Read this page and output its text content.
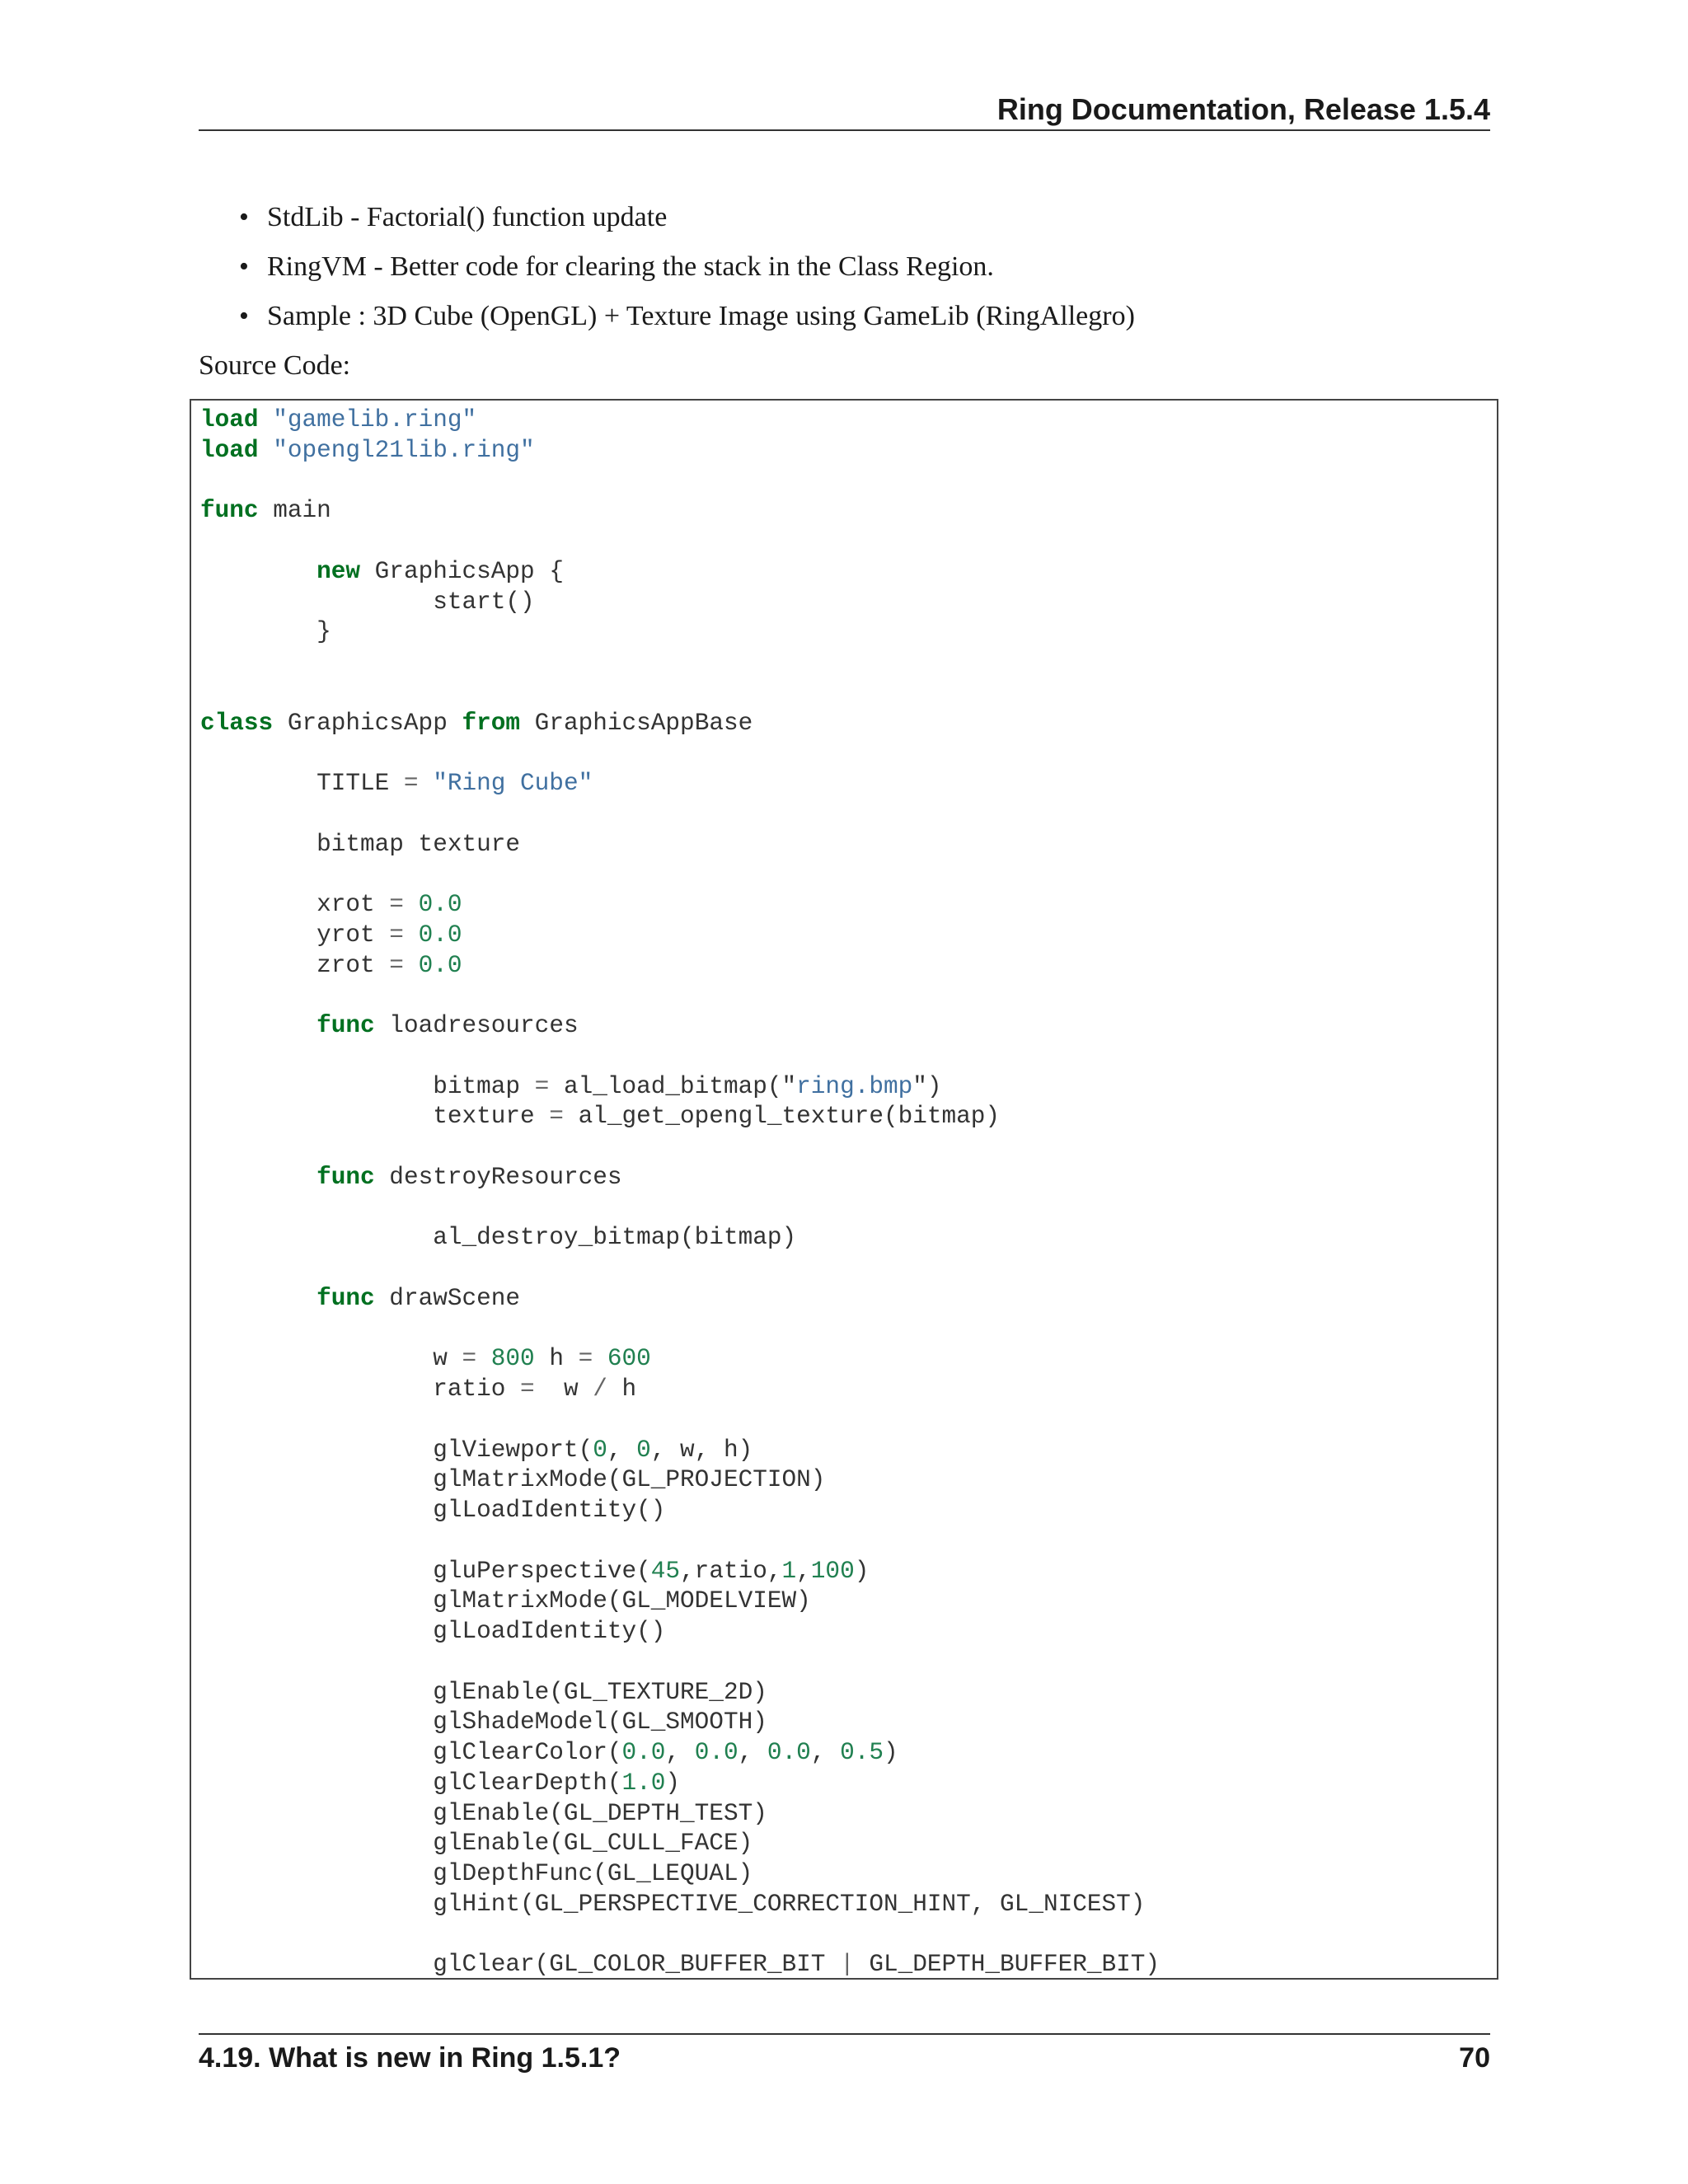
Ring Documentation, Release 1.5.4
• StdLib - Factorial() function update
• RingVM - Better code for clearing the stack in the Class Region.
• Sample : 3D Cube (OpenGL) + Texture Image using GameLib (RingAllegro)
Source Code:
load "gamelib.ring"
load "opengl21lib.ring"
func main
new GraphicsApp {
start()
}
class GraphicsApp from GraphicsAppBase
TITLE = "Ring Cube"
bitmap texture
xrot = 0.0
yrot = 0.0
zrot = 0.0
func loadresources
bitmap = al_load_bitmap("ring.bmp")
texture = al_get_opengl_texture(bitmap)
func destroyResources
al_destroy_bitmap(bitmap)
func drawScene
w = 800 h = 600
ratio =  w / h
glViewport(0, 0, w, h)
glMatrixMode(GL_PROJECTION)
glLoadIdentity()
gluPerspective(45,ratio,1,100)
glMatrixMode(GL_MODELVIEW)
glLoadIdentity()
glEnable(GL_TEXTURE_2D)
glShadeModel(GL_SMOOTH)
glClearColor(0.0, 0.0, 0.0, 0.5)
glClearDepth(1.0)
glEnable(GL_DEPTH_TEST)
glEnable(GL_CULL_FACE)
glDepthFunc(GL_LEQUAL)
glHint(GL_PERSPECTIVE_CORRECTION_HINT, GL_NICEST)
glClear(GL_COLOR_BUFFER_BIT | GL_DEPTH_BUFFER_BIT)
4.19. What is new in Ring 1.5.1?	70
